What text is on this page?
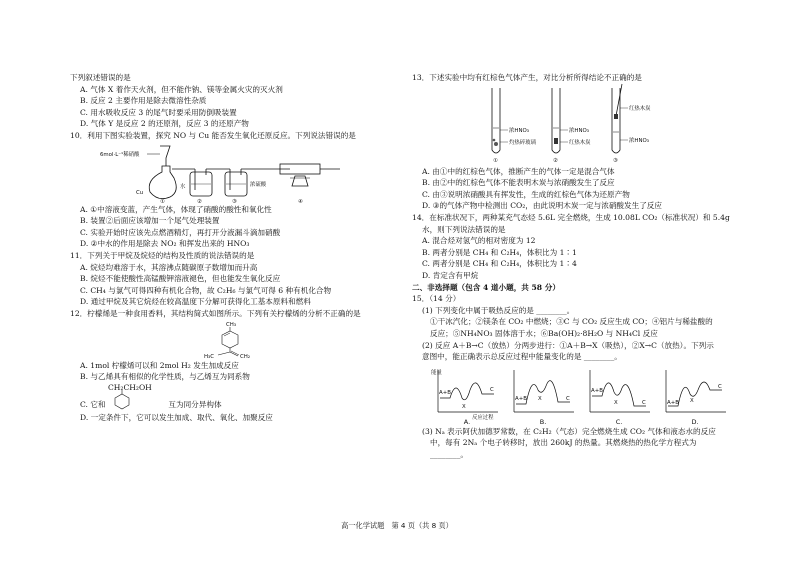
下列叙述错误的是
A. 气体 X 着作天火剂，但不能作钠、镁等金属火灾的灭火剂
B. 反应 2 主要作用是除去微溶性杂质
C. 用水吸收反应 3 的尾气时要采用防倒吸装置
D. 气体 Y 是反应 2 的还原剂，反应 3 的还原产物
10．利用下图实验装置，探究 NO 与 Cu 能否发生氧化还原反应。下列说法错误的是
6mol·L⁻¹稀硝酸
Cu
水	浓硫酸
①	②	③	④
A. ①中溶液变蓝，产生气体，体现了硝酸的酸性和氧化性
B. 装置②后面应该增加一个尾气处理装置
C. 实验开始时应该先点燃酒精灯，再打开分液漏斗滴加硝酸
D. ②中水的作用是除去 NO₂ 和挥发出来的 HNO₃
11．下列关于甲烷及烷烃的结构及性质的说法错误的是
A. 烷烃均难溶于水，其溶沸点随碳原子数增加而升高
B. 烷烃不能使酸性高锰酸钾溶液褪色，但也能发生氧化反应
C. CH₄ 与氯气可得四种有机化合物，故 C₂H₆ 与氯气可得 6 种有机化合物
D. 通过甲烷及其它烷烃在较高温度下分解可获得化工基本原料和燃料
12．柠檬烯是一种食用香料，其结构简式如图所示。下列有关柠檬烯的分析不正确的是
CH₃
H₃C	CH₂
A. 1mol 柠檬烯可以和 2mol H₂ 发生加成反应
B. 与乙烯具有相似的化学性质，与乙烯互为同系物
CH₂CH₂OH
C. 它和	互为同分异构体
D. 一定条件下，它可以发生加成、取代、氧化、加聚反应
13．下述实验中均有红棕色气体产生，对比分析所得结论不正确的是
浓HNO₃
灼热碎玻璃
①
浓HNO₃
红热木炭
②
红热木炭
浓HNO₃
③
A. 由①中的红棕色气体，推断产生的气体一定是混合气体
B. 由②中的红棕色气体不能表明木炭与浓硝酸发生了反应
C. 由③说明浓硝酸具有挥发性，生成的红棕色气体为还原产物
D. ③的气体产物中检测出 CO₂，由此说明木炭一定与浓硝酸发生了反应
14．在标准状况下，两种某充气态烃 5.6L 完全燃烧，生成 10.08L CO₂（标准状况）和 5.4g
水，则下列说法错误的是
A. 混合烃对氢气的相对密度为 12
B. 两者分别是 CH₄ 和 C₂H₄，体积比为 1∶1
C. 两者分别是 CH₄ 和 C₂H₄，体积比为 1∶4
D. 肯定含有甲烷
二、非选择题（包含 4 道小题，共 58 分）
15．（14 分）
(1) 下列变化中属于吸热反应的是 ________。
①干冰汽化；②镁条在 CO₂ 中燃烧；③C 与 CO₂ 反应生成 CO；④铝片与稀盐酸的
反应；⑤NH₄NO₃ 固体溶于水；⑥Ba(OH)₂·8H₂O 与 NH₄Cl 反应
(2) 反应 A＋B→C（放热）分两步进行：①A＋B→X（吸热），②X→C（放热）。下列示
意图中，能正确表示总反应过程中能量变化的是 ________。
能量
反应过程
A+B
X
C
A.
A+B X	C
B.
A+B
X	C
C.
A+B X
C
D.
(3) Nₐ 表示阿伏加德罗常数，在 C₂H₂（气态）完全燃烧生成 CO₂ 气体和液态水的反应
中，每有 2Nₐ 个电子转移时，放出 260kJ 的热量。其燃烧热的热化学方程式为
________。
高一化学试题　第 4 页（共 8 页）
